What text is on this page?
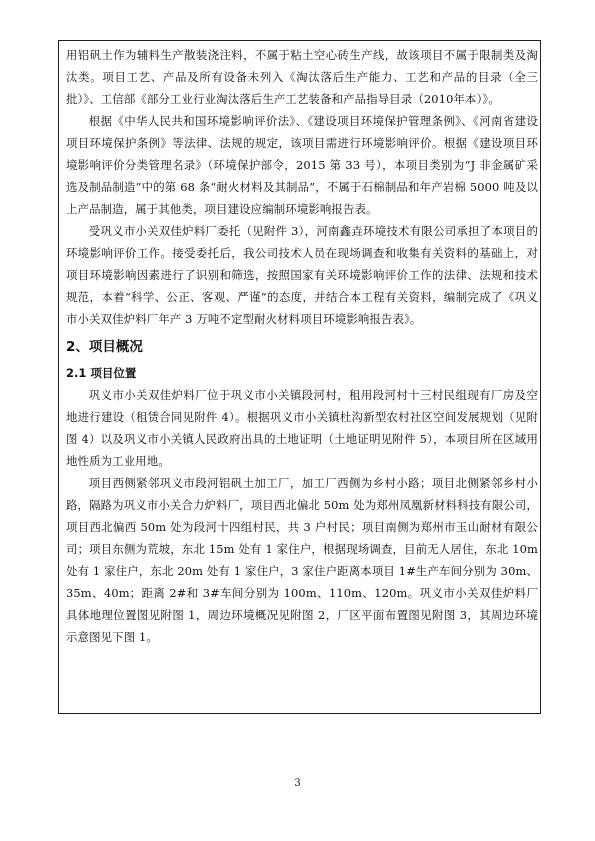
用铝矾土作为辅料生产散装浇注料，不属于粘土空心砖生产线，故该项目不属于限制类及淘汰类。项目工艺、产品及所有设备未列入《淘汰落后生产能力、工艺和产品的目录（全三批）》、工信部《部分工业行业淘汰落后生产工艺装备和产品指导目录（2010年本）》。

根据《中华人民共和国环境影响评价法》、《建设项目环境保护管理条例》、《河南省建设项目环境保护条例》等法律、法规的规定，该项目需进行环境影响评价。根据《建设项目环境影响评价分类管理名录》（环境保护部令，2015 第 33 号），本项目类别为“J 非金属矿采选及制品制造”中的第 68 条“耐火材料及其制品”，不属于石棉制品和年产岩棉 5000 吨及以上产品制造，属于其他类，项目建设应编制环境影响报告表。

受巩义市小关双佳炉料厂委托（见附件 3），河南鑫垚环境技术有限公司承担了本项目的环境影响评价工作。接受委托后，我公司技术人员在现场调查和收集有关资料的基础上，对项目环境影响因素进行了识别和筛选，按照国家有关环境影响评价工作的法律、法规和技术规范，本着“科学、公正、客观、严谨”的态度，并结合本工程有关资料，编制完成了《巩义市小关双佳炉料厂年产 3 万吨不定型耐火材料项目环境影响报告表》。

2、项目概况
2.1 项目位置

巩义市小关双佳炉料厂位于巩义市小关镇段河村，租用段河村十三村民组现有厂房及空地进行建设（租赁合同见附件 4）。根据巩义市小关镇杜沟新型农村社区空间发展规划（见附图 4）以及巩义市小关镇人民政府出具的土地证明（土地证明见附件 5），本项目所在区域用地性质为工业用地。

项目西侧紧邻巩义市段河铝矾土加工厂，加工厂西侧为乡村小路；项目北侧紧邻乡村小路，隔路为巩义市小关合力炉料厂，项目西北偏北 50m 处为郑州凤凰新材料科技有限公司，项目西北偏西 50m 处为段河十四组村民，共 3 户村民；项目南侧为郑州市玉山耐材有限公司；项目东侧为荒坡，东北 15m 处有 1 家住户，根据现场调查，目前无人居住，东北 10m 处有 1 家住户，东北 20m 处有 1 家住户，3 家住户距离本项目 1#生产车间分别为 30m、35m、40m；距离 2#和 3#车间分别为 100m、110m、120m。巩义市小关双佳炉料厂具体地理位置图见附图 1，周边环境概况见附图 2，厂区平面布置图见附图 3，其周边环境示意图见下图 1。

3
